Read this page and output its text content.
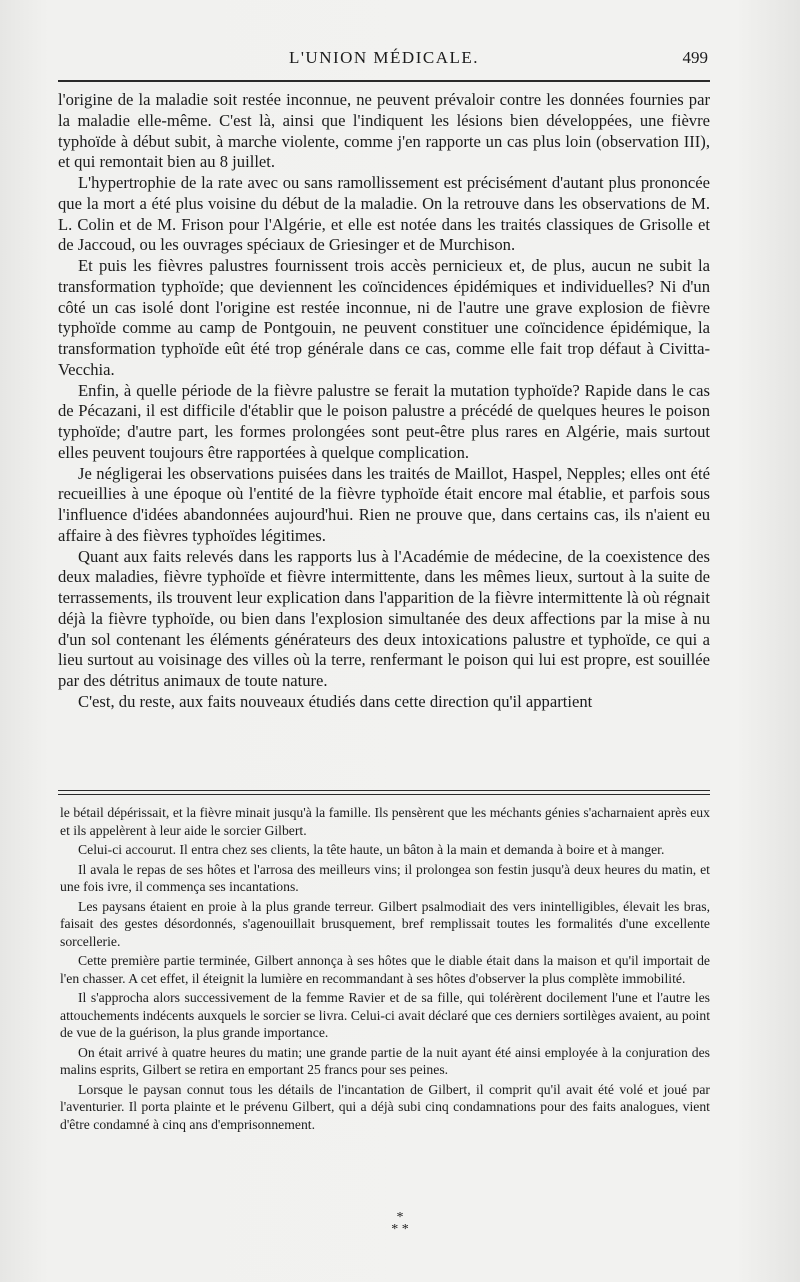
L'UNION MÉDICALE.	499

l'origine de la maladie soit restée inconnue, ne peuvent prévaloir contre les données fournies par la maladie elle-même. C'est là, ainsi que l'indiquent les lésions bien développées, une fièvre typhoïde à début subit, à marche violente, comme j'en rapporte un cas plus loin (observation III), et qui remontait bien au 8 juillet.

L'hypertrophie de la rate avec ou sans ramollissement est précisément d'autant plus prononcée que la mort a été plus voisine du début de la maladie. On la retrouve dans les observations de M. L. Colin et de M. Frison pour l'Algérie, et elle est notée dans les traités classiques de Grisolle et de Jaccoud, ou les ouvrages spéciaux de Griesinger et de Murchison.

Et puis les fièvres palustres fournissent trois accès pernicieux et, de plus, aucun ne subit la transformation typhoïde; que deviennent les coïncidences épidémiques et individuelles? Ni d'un côté un cas isolé dont l'origine est restée inconnue, ni de l'autre une grave explosion de fièvre typhoïde comme au camp de Pontgouin, ne peuvent constituer une coïncidence épidémique, la transformation typhoïde eût été trop générale dans ce cas, comme elle fait trop défaut à Civitta-Vecchia.

Enfin, à quelle période de la fièvre palustre se ferait la mutation typhoïde? Rapide dans le cas de Pécazani, il est difficile d'établir que le poison palustre a précédé de quelques heures le poison typhoïde; d'autre part, les formes prolongées sont peut-être plus rares en Algérie, mais surtout elles peuvent toujours être rapportées à quelque complication.

Je négligerai les observations puisées dans les traités de Maillot, Haspel, Nepples; elles ont été recueillies à une époque où l'entité de la fièvre typhoïde était encore mal établie, et parfois sous l'influence d'idées abandonnées aujourd'hui. Rien ne prouve que, dans certains cas, ils n'aient eu affaire à des fièvres typhoïdes légitimes.

Quant aux faits relevés dans les rapports lus à l'Académie de médecine, de la coexistence des deux maladies, fièvre typhoïde et fièvre intermittente, dans les mêmes lieux, surtout à la suite de terrassements, ils trouvent leur explication dans l'apparition de la fièvre intermittente là où régnait déjà la fièvre typhoïde, ou bien dans l'explosion simultanée des deux affections par la mise à nu d'un sol contenant les éléments générateurs des deux intoxications palustre et typhoïde, ce qui a lieu surtout au voisinage des villes où la terre, renfermant le poison qui lui est propre, est souillée par des détritus animaux de toute nature.

C'est, du reste, aux faits nouveaux étudiés dans cette direction qu'il appartient

le bétail dépérissait, et la fièvre minait jusqu'à la famille. Ils pensèrent que les méchants génies s'acharnaient après eux et ils appelèrent à leur aide le sorcier Gilbert.

Celui-ci accourut. Il entra chez ses clients, la tête haute, un bâton à la main et demanda à boire et à manger.

Il avala le repas de ses hôtes et l'arrosa des meilleurs vins; il prolongea son festin jusqu'à deux heures du matin, et une fois ivre, il commença ses incantations.

Les paysans étaient en proie à la plus grande terreur. Gilbert psalmodiait des vers inintelligibles, élevait les bras, faisait des gestes désordonnés, s'agenouillait brusquement, bref remplissait toutes les formalités d'une excellente sorcellerie.

Cette première partie terminée, Gilbert annonça à ses hôtes que le diable était dans la maison et qu'il importait de l'en chasser. A cet effet, il éteignit la lumière en recommandant à ses hôtes d'observer la plus complète immobilité.

Il s'approcha alors successivement de la femme Ravier et de sa fille, qui tolérèrent docilement l'une et l'autre les attouchements indécents auxquels le sorcier se livra. Celui-ci avait déclaré que ces derniers sortilèges avaient, au point de vue de la guérison, la plus grande importance.

On était arrivé à quatre heures du matin; une grande partie de la nuit ayant été ainsi employée à la conjuration des malins esprits, Gilbert se retira en emportant 25 francs pour ses peines.

Lorsque le paysan connut tous les détails de l'incantation de Gilbert, il comprit qu'il avait été volé et joué par l'aventurier. Il porta plainte et le prévenu Gilbert, qui a déjà subi cinq condamnations pour des faits analogues, vient d'être condamné à cinq ans d'emprisonnement.

*
* *
